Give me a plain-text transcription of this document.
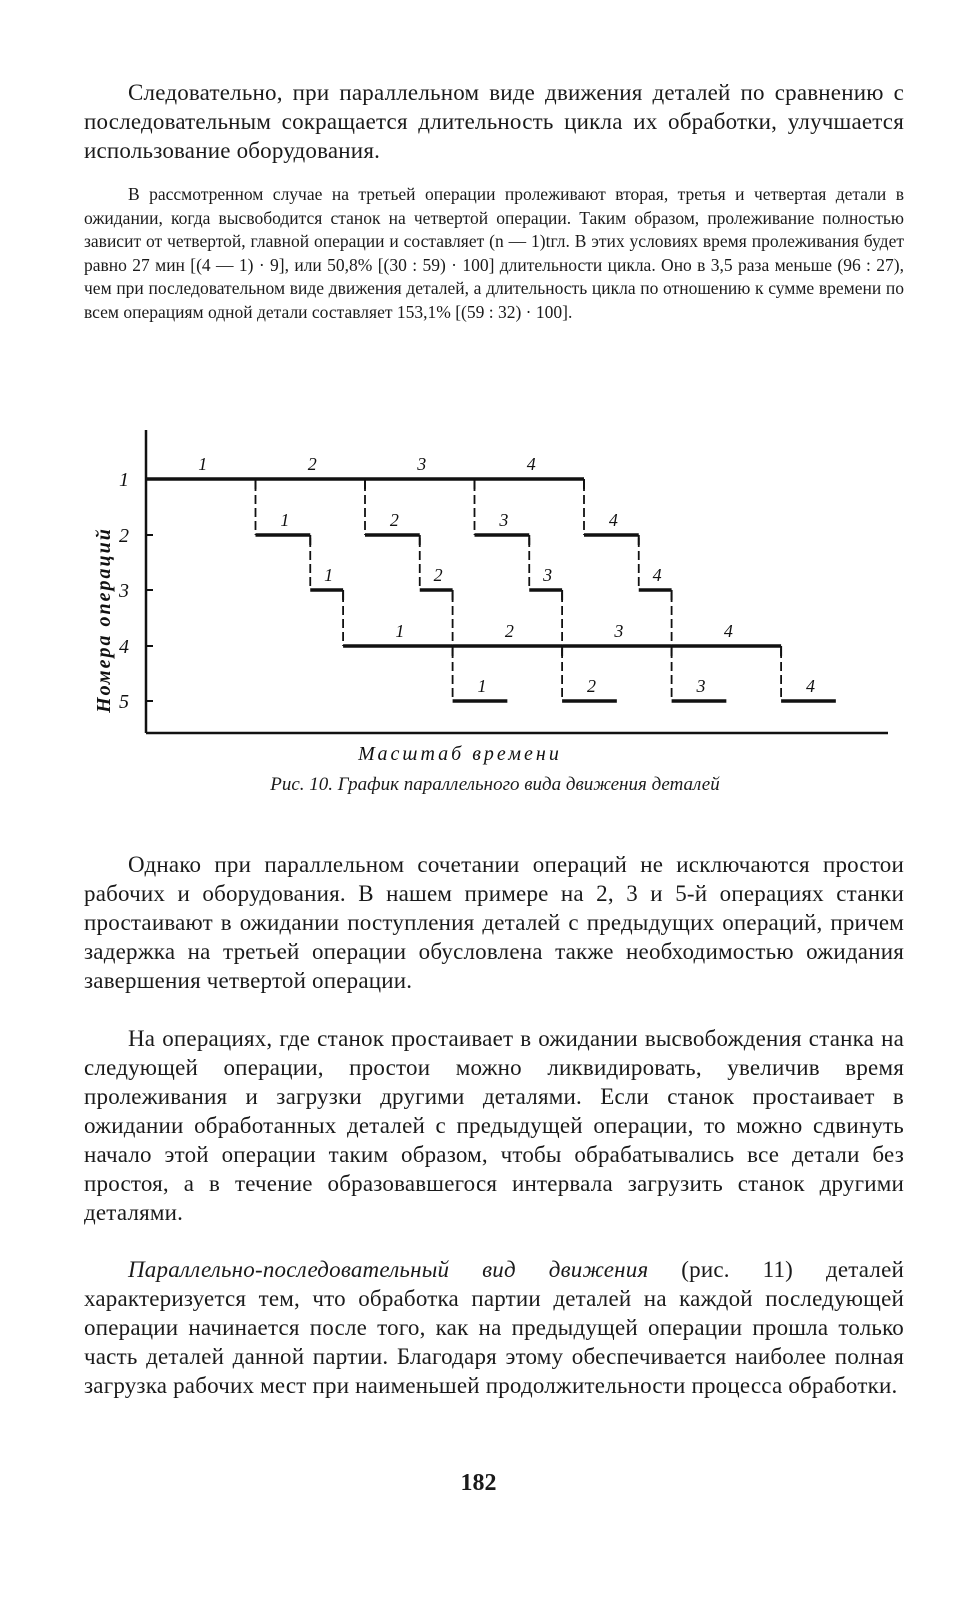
Следовательно, при параллельном виде движения деталей по сравнению с последовательным сокращается длительность цикла их обработки, улучшается использование оборудования.

В рассмотренном случае на третьей операции пролеживают вторая, третья и четвертая детали в ожидании, когда высвободится станок на четвертой операции. Таким образом, пролеживание полностью зависит от четвертой, главной операции и составляет (n — 1)tгл. В этих условиях время пролеживания будет равно 27 мин [(4 — 1) · 9], или 50,8% [(30 : 59) · 100] длительности цикла. Оно в 3,5 раза меньше (96 : 27), чем при последовательном виде движения деталей, а длительность цикла по отношению к сумме времени по всем операциям одной детали составляет 153,1% [(59 : 32) · 100].

1
2
3
4
5
Номера операций
Масштаб времени
1	2	3	4
1	2	3	4
1	2	3	4
1	2	3	4
1	2	3	4
Рис. 10. График параллельного вида движения деталей

Однако при параллельном сочетании операций не исключаются простои рабочих и оборудования. В нашем примере на 2, 3 и 5-й операциях станки простаивают в ожидании поступления деталей с предыдущих операций, причем задержка на третьей операции обусловлена также необходимостью ожидания завершения четвертой операции.

На операциях, где станок простаивает в ожидании высвобождения станка на следующей операции, простои можно ликвидировать, увеличив время пролеживания и загрузки другими деталями. Если станок простаивает в ожидании обработанных деталей с предыдущей операции, то можно сдвинуть начало этой операции таким образом, чтобы обрабатывались все детали без простоя, а в течение образовавшегося интервала загрузить станок другими деталями.

Параллельно-последовательный вид движения (рис. 11) деталей характеризуется тем, что обработка партии деталей на каждой последующей операции начинается после того, как на предыдущей операции прошла только часть деталей данной партии. Благодаря этому обеспечивается наиболее полная загрузка рабочих мест при наименьшей продолжительности процесса обработки.

182
